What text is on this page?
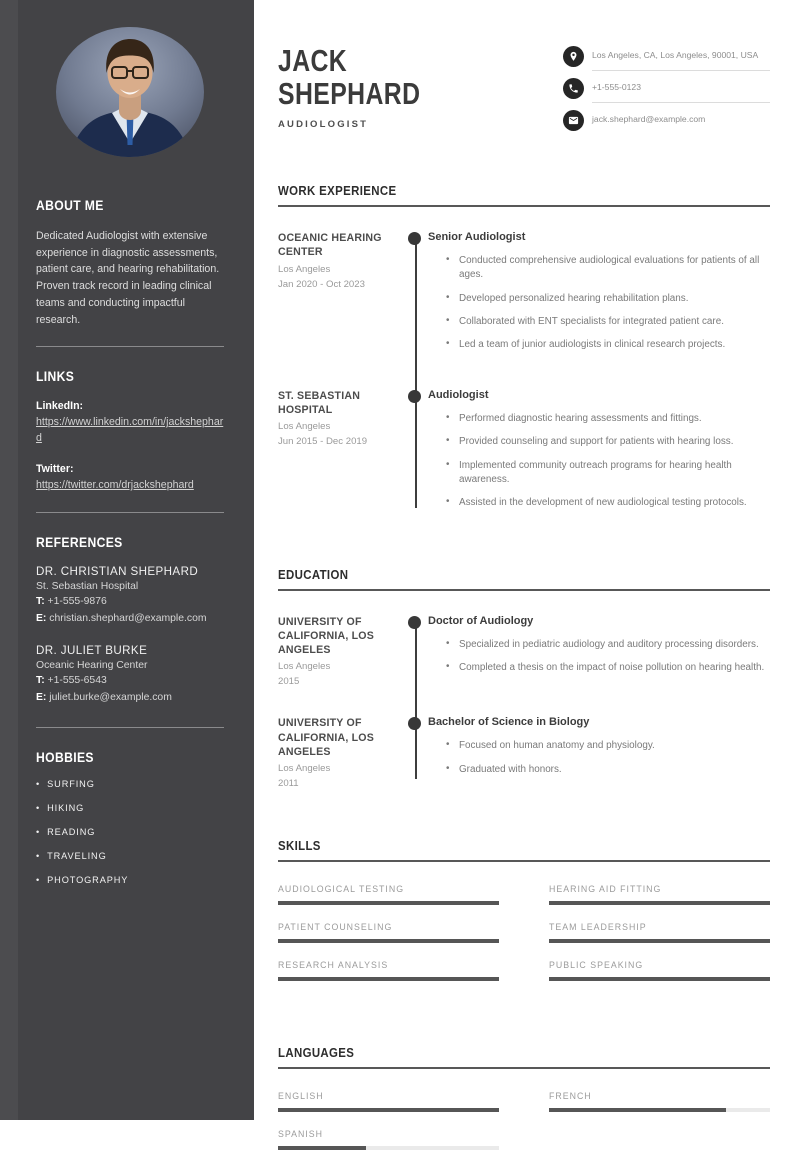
ABOUT ME
Dedicated Audiologist with extensive experience in diagnostic assessments, patient care, and hearing rehabilitation. Proven track record in leading clinical teams and conducting impactful research.
LINKS
LinkedIn:
https://www.linkedin.com/in/jackshephard
Twitter:
https://twitter.com/drjackshephard
REFERENCES
DR. CHRISTIAN SHEPHARD
St. Sebastian Hospital
T: +1-555-9876
E: christian.shephard@example.com
DR. JULIET BURKE
Oceanic Hearing Center
T: +1-555-6543
E: juliet.burke@example.com
HOBBIES
• SURFING
• HIKING
• READING
• TRAVELING
• PHOTOGRAPHY
JACK
SHEPHARD
AUDIOLOGIST
Los Angeles, CA, Los Angeles, 90001, USA
+1-555-0123
jack.shephard@example.com
WORK EXPERIENCE
OCEANIC HEARING CENTER
Los Angeles
Jan 2020 - Oct 2023
Senior Audiologist
• Conducted comprehensive audiological evaluations for patients of all ages.
• Developed personalized hearing rehabilitation plans.
• Collaborated with ENT specialists for integrated patient care.
• Led a team of junior audiologists in clinical research projects.
ST. SEBASTIAN HOSPITAL
Los Angeles
Jun 2015 - Dec 2019
Audiologist
• Performed diagnostic hearing assessments and fittings.
• Provided counseling and support for patients with hearing loss.
• Implemented community outreach programs for hearing health awareness.
• Assisted in the development of new audiological testing protocols.
EDUCATION
UNIVERSITY OF CALIFORNIA, LOS ANGELES
Los Angeles
2015
Doctor of Audiology
• Specialized in pediatric audiology and auditory processing disorders.
• Completed a thesis on the impact of noise pollution on hearing health.
UNIVERSITY OF CALIFORNIA, LOS ANGELES
Los Angeles
2011
Bachelor of Science in Biology
• Focused on human anatomy and physiology.
• Graduated with honors.
SKILLS
AUDIOLOGICAL TESTING	HEARING AID FITTING
PATIENT COUNSELING	TEAM LEADERSHIP
RESEARCH ANALYSIS	PUBLIC SPEAKING
LANGUAGES
ENGLISH	FRENCH
SPANISH
